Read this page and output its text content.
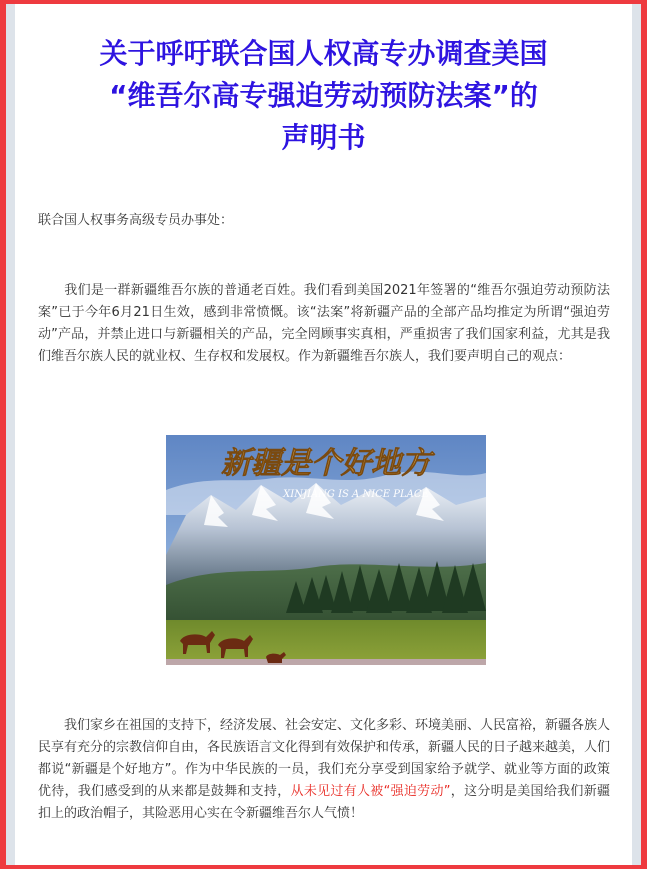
关于呼吁联合国人权高专办调查美国
“维吾尔高专强迫劳动预防法案”的
声明书

联合国人权事务高级专员办事处：

我们是一群新疆维吾尔族的普通老百姓。我们看到美国2021年签署的“维吾尔强迫劳动预防法案”已于今年6月21日生效，感到非常愤慨。该“法案”将新疆产品的全部产品均推定为所谓“强迫劳动”产品，并禁止进口与新疆相关的产品，完全罔顾事实真相，严重损害了我们国家利益，尤其是我们维吾尔族人民的就业权、生存权和发展权。作为新疆维吾尔族人，我们要声明自己的观点：

新疆是个好地方
XINJIANG IS A NICE PLACE

我们家乡在祖国的支持下，经济发展、社会安定、文化多彩、环境美丽、人民富裕，新疆各族人民享有充分的宗教信仰自由，各民族语言文化得到有效保护和传承，新疆人民的日子越来越美，人们都说“新疆是个好地方”。作为中华民族的一员，我们充分享受到国家给予就学、就业等方面的政策优待，我们感受到的从来都是鼓舞和支持，从未见过有人被“强迫劳动”，这分明是美国给我们新疆扣上的政治帽子，其险恶用心实在令新疆维吾尔人气愤！
